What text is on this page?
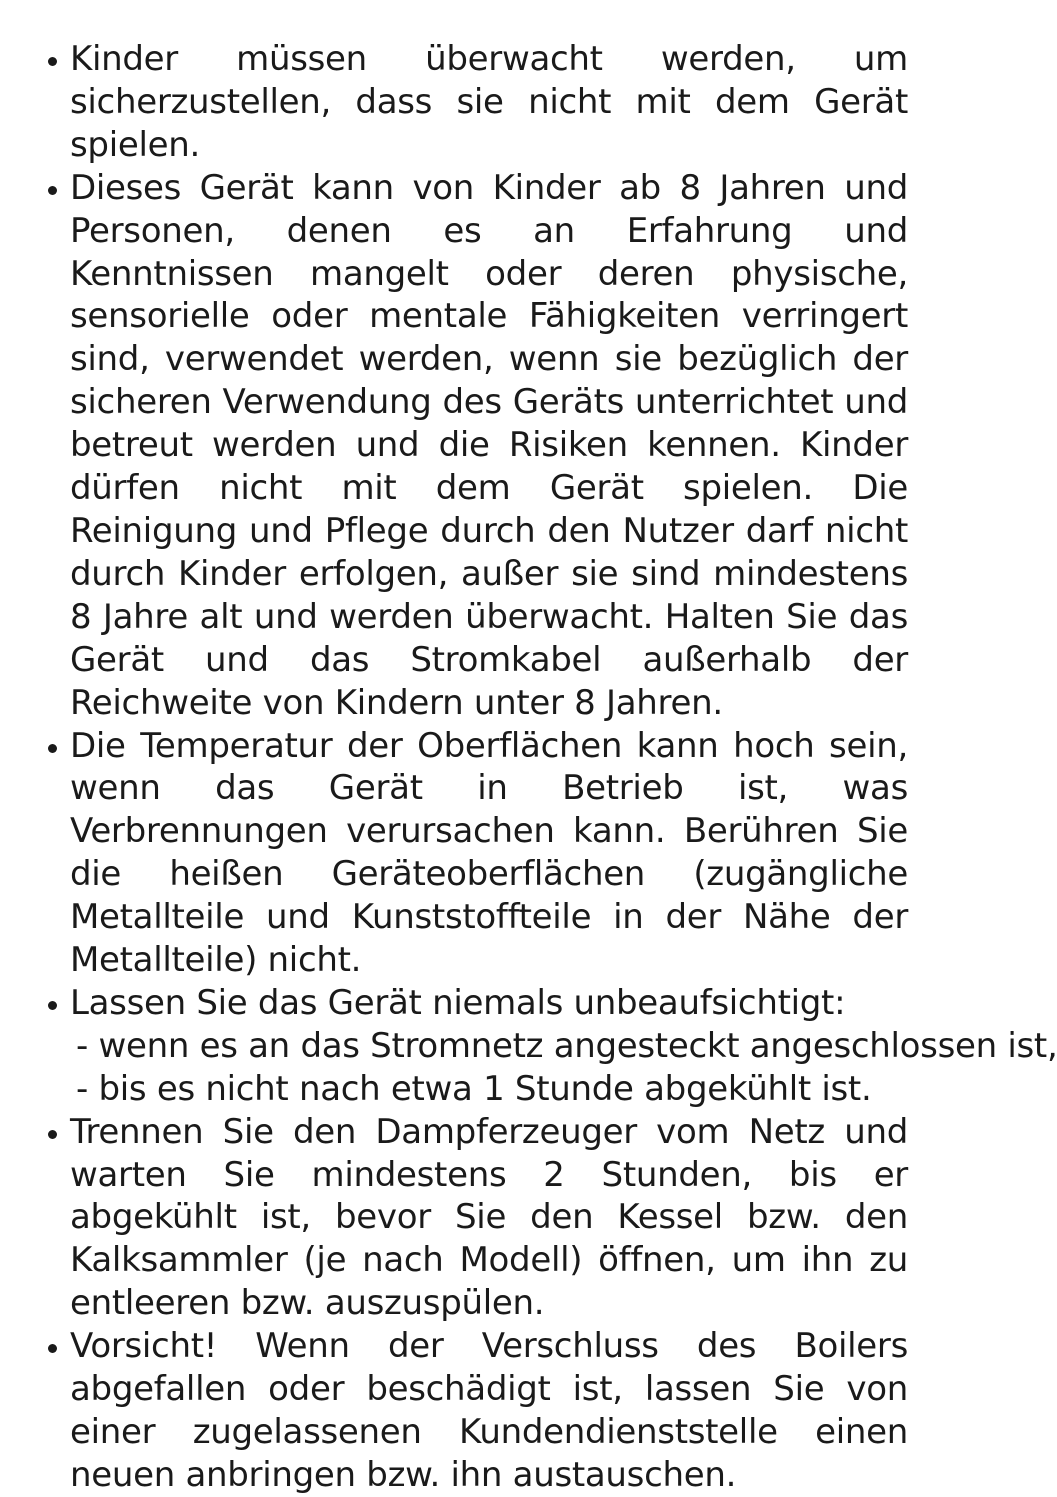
Kinder müssen überwacht werden, um sicherzustellen, dass sie nicht mit dem Gerät spielen.
Dieses Gerät kann von Kinder ab 8 Jahren und Personen, denen es an Erfahrung und Kenntnissen mangelt oder deren physische, sensorielle oder mentale Fähigkeiten verringert sind, verwendet werden, wenn sie bezüglich der sicheren Verwendung des Geräts unterrichtet und betreut werden und die Risiken kennen. Kinder dürfen nicht mit dem Gerät spielen. Die Reinigung und Pflege durch den Nutzer darf nicht durch Kinder erfolgen, außer sie sind mindestens 8 Jahre alt und werden überwacht. Halten Sie das Gerät und das Stromkabel außerhalb der Reichweite von Kindern unter 8 Jahren.
Die Temperatur der Oberflächen kann hoch sein, wenn das Gerät in Betrieb ist, was Verbrennungen verursachen kann. Berühren Sie die heißen Geräteoberflächen (zugängliche Metallteile und Kunststoffteile in der Nähe der Metallteile) nicht.
Lassen Sie das Gerät niemals unbeaufsichtigt:
- wenn es an das Stromnetz angesteckt angeschlossen ist,
- bis es nicht nach etwa 1 Stunde abgekühlt ist.
Trennen Sie den Dampferzeuger vom Netz und warten Sie mindestens 2 Stunden, bis er abgekühlt ist, bevor Sie den Kessel bzw. den Kalksammler (je nach Modell) öffnen, um ihn zu entleeren bzw. auszuspülen.
Vorsicht! Wenn der Verschluss des Boilers abgefallen oder beschädigt ist, lassen Sie von einer zugelassenen Kundendienststelle einen neuen anbringen bzw. ihn austauschen.
